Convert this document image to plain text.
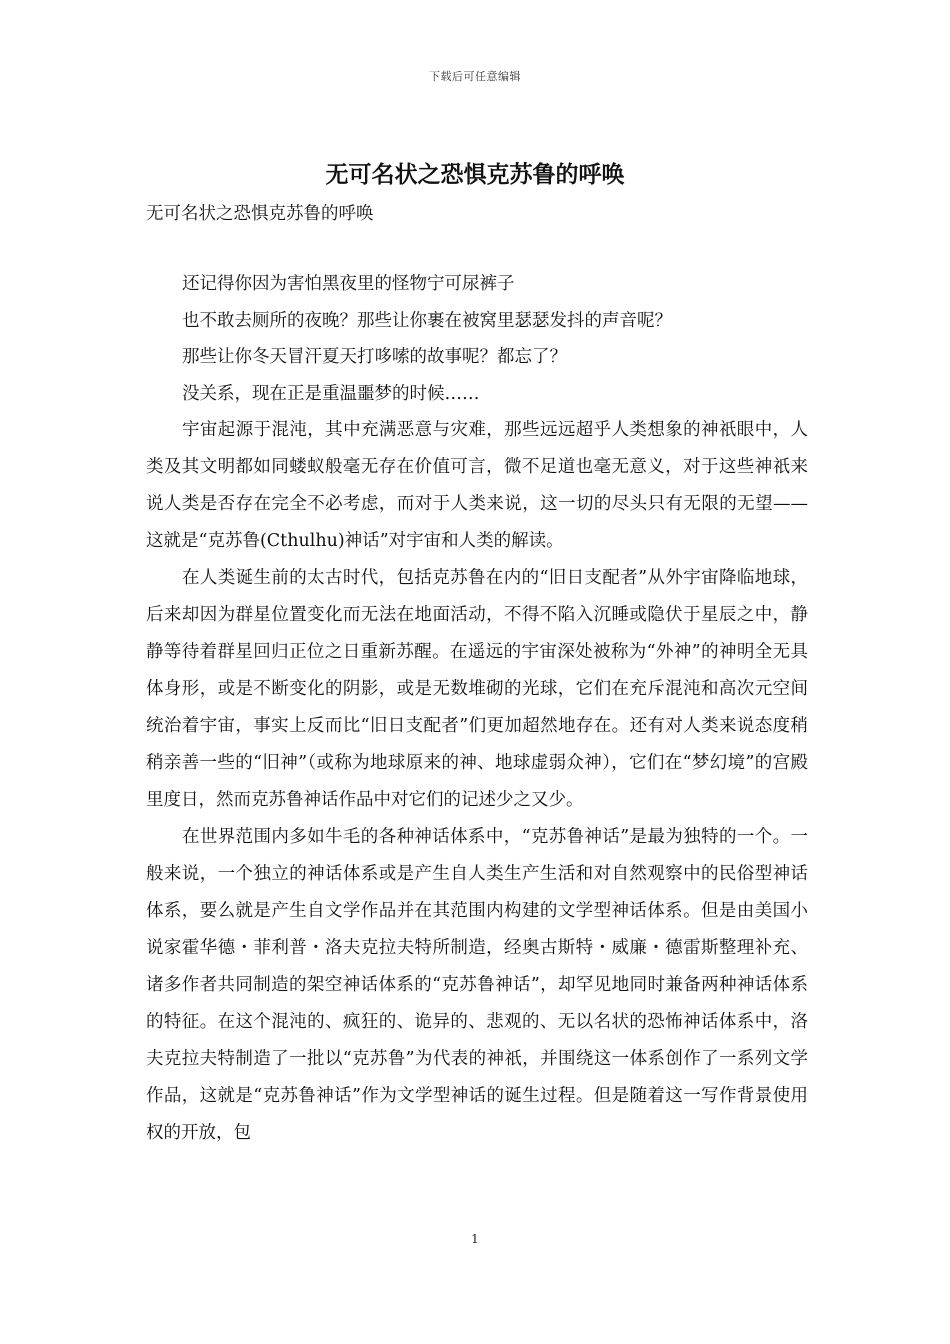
下载后可任意编辑
无可名状之恐惧克苏鲁的呼唤
无可名状之恐惧克苏鲁的呼唤

还记得你因为害怕黑夜里的怪物宁可尿裤子

也不敢去厕所的夜晚？那些让你裹在被窝里瑟瑟发抖的声音呢？

那些让你冬天冒汗夏天打哆嗦的故事呢？都忘了？

没关系，现在正是重温噩梦的时候……

宇宙起源于混沌，其中充满恶意与灾难，那些远远超乎人类想象的神祇眼中，人类及其文明都如同蝼蚁般毫无存在价值可言，微不足道也毫无意义，对于这些神祇来说人类是否存在完全不必考虑，而对于人类来说，这一切的尽头只有无限的无望——这就是“克苏鲁(Cthulhu)神话”对宇宙和人类的解读。

在人类诞生前的太古时代，包括克苏鲁在内的“旧日支配者”从外宇宙降临地球，后来却因为群星位置变化而无法在地面活动，不得不陷入沉睡或隐伏于星辰之中，静静等待着群星回归正位之日重新苏醒。在遥远的宇宙深处被称为“外神”的神明全无具体身形，或是不断变化的阴影，或是无数堆砌的光球，它们在充斥混沌和高次元空间统治着宇宙，事实上反而比“旧日支配者”们更加超然地存在。还有对人类来说态度稍稍亲善一些的“旧神”（或称为地球原来的神、地球虚弱众神），它们在“梦幻境”的宫殿里度日，然而克苏鲁神话作品中对它们的记述少之又少。

在世界范围内多如牛毛的各种神话体系中，“克苏鲁神话”是最为独特的一个。一般来说，一个独立的神话体系或是产生自人类生产生活和对自然观察中的民俗型神话体系，要么就是产生自文学作品并在其范围内构建的文学型神话体系。但是由美国小说家霍华德・菲利普・洛夫克拉夫特所制造，经奥古斯特・威廉・德雷斯整理补充、诸多作者共同制造的架空神话体系的“克苏鲁神话”，却罕见地同时兼备两种神话体系的特征。在这个混沌的、疯狂的、诡异的、悲观的、无以名状的恐怖神话体系中，洛夫克拉夫特制造了一批以“克苏鲁”为代表的神祇，并围绕这一体系创作了一系列文学作品，这就是“克苏鲁神话”作为文学型神话的诞生过程。但是随着这一写作背景使用权的开放，包

1
